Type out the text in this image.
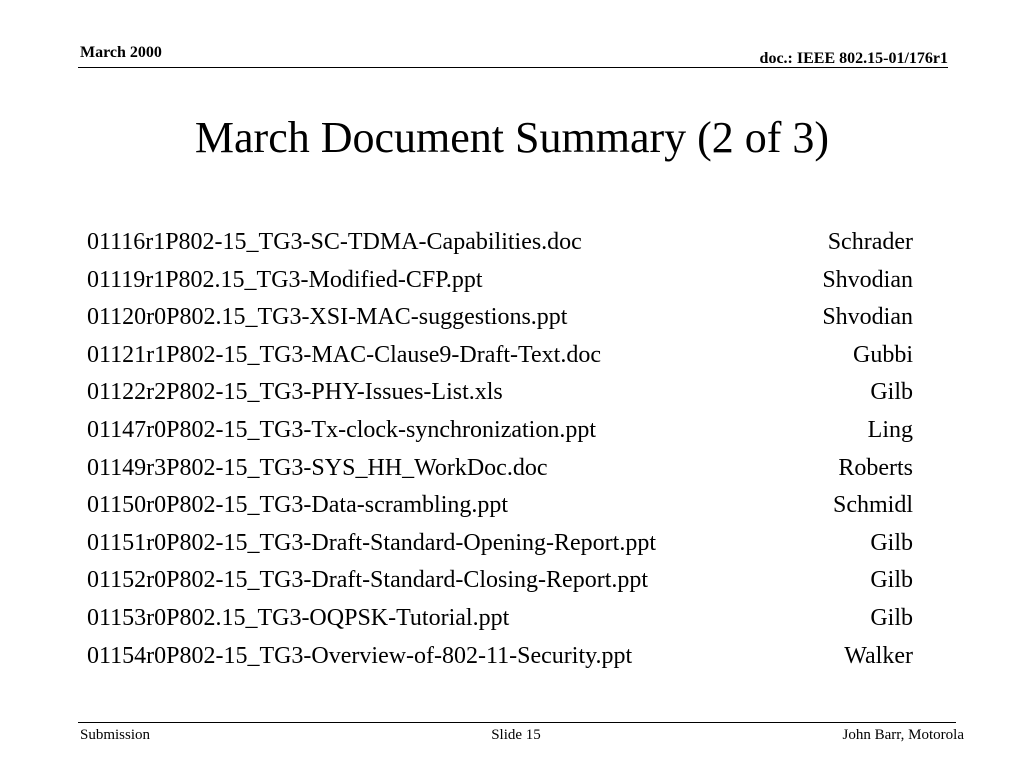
March 2000	doc.: IEEE 802.15-01/176r1
March Document Summary (2 of 3)
01116r1P802-15_TG3-SC-TDMA-Capabilities.doc	Schrader
01119r1P802.15_TG3-Modified-CFP.ppt	Shvodian
01120r0P802.15_TG3-XSI-MAC-suggestions.ppt	Shvodian
01121r1P802-15_TG3-MAC-Clause9-Draft-Text.doc	Gubbi
01122r2P802-15_TG3-PHY-Issues-List.xls	Gilb
01147r0P802-15_TG3-Tx-clock-synchronization.ppt	Ling
01149r3P802-15_TG3-SYS_HH_WorkDoc.doc	Roberts
01150r0P802-15_TG3-Data-scrambling.ppt	Schmidl
01151r0P802-15_TG3-Draft-Standard-Opening-Report.ppt	Gilb
01152r0P802-15_TG3-Draft-Standard-Closing-Report.ppt	Gilb
01153r0P802.15_TG3-OQPSK-Tutorial.ppt	Gilb
01154r0P802-15_TG3-Overview-of-802-11-Security.ppt	Walker
Submission	Slide 15	John Barr, Motorola
